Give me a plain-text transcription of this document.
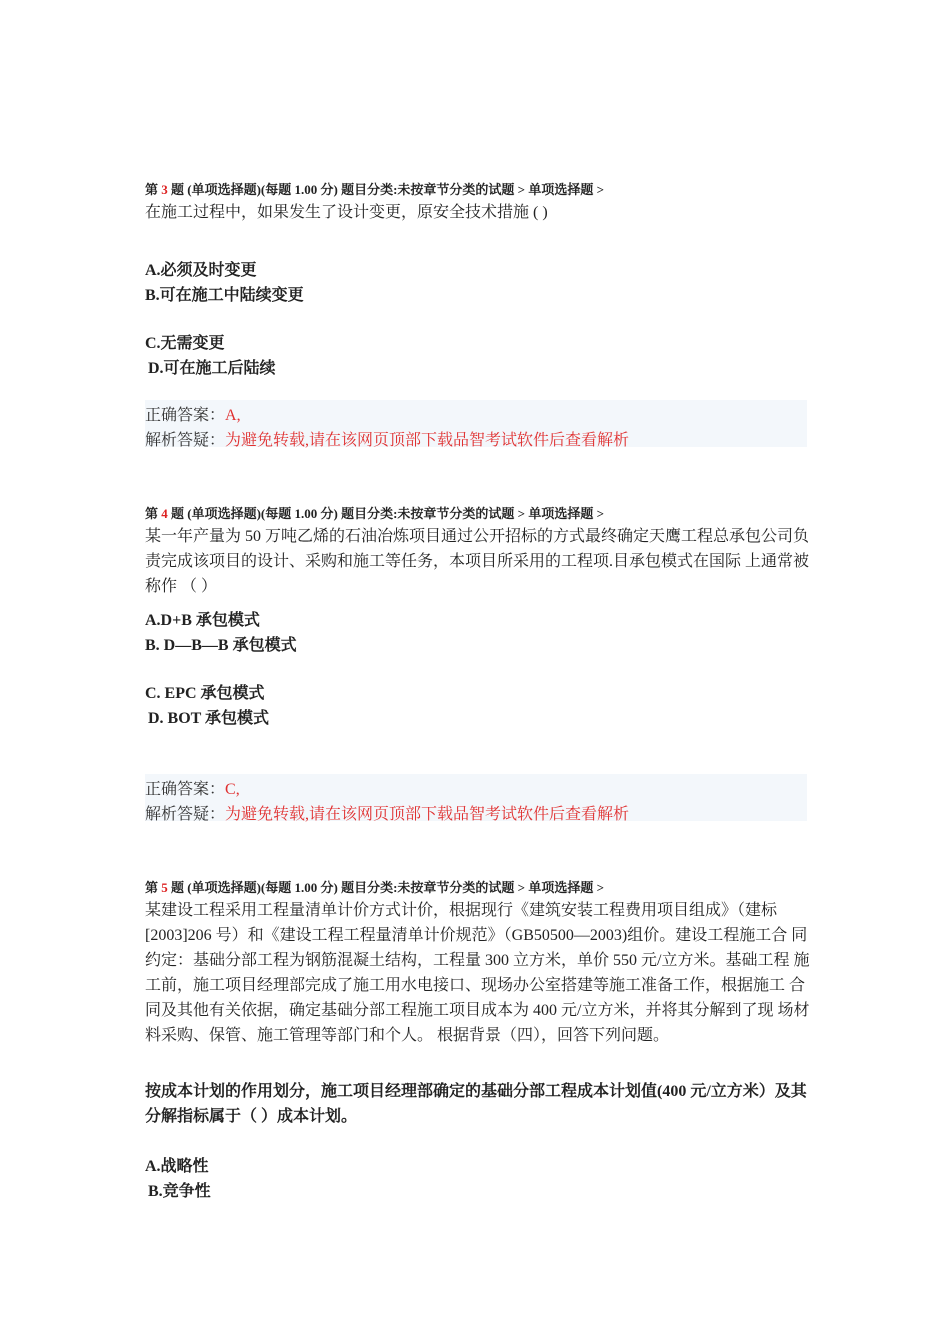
第 3 题 (单项选择题)(每题 1.00 分) 题目分类:未按章节分类的试题 > 单项选择题 >
在施工过程中，如果发生了设计变更，原安全技术措施 ( )
A.必须及时变更
B.可在施工中陆续变更
C.无需变更
D.可在施工后陆续
正确答案：A,
解析答疑：为避免转载,请在该网页顶部下载品智考试软件后查看解析
第 4 题 (单项选择题)(每题 1.00 分) 题目分类:未按章节分类的试题 > 单项选择题 >
某一年产量为 50 万吨乙烯的石油冶炼项目通过公开招标的方式最终确定天鹰工程总承包公司负责完成该项目的设计、采购和施工等任务，本项目所采用的工程项.目承包模式在国际 上通常被称作 （ ）
A.D+B 承包模式
B. D—B—B 承包模式
C. EPC 承包模式
D. BOT 承包模式
正确答案：C,
解析答疑：为避免转载,请在该网页顶部下载品智考试软件后查看解析
第 5 题 (单项选择题)(每题 1.00 分) 题目分类:未按章节分类的试题 > 单项选择题 >
某建设工程采用工程量清单计价方式计价，根据现行《建筑安装工程费用项目组成》（建标[2003]206 号）和《建设工程工程量清单计价规范》（GB50500—2003)组价。建设工程施工合 同约定：基础分部工程为钢筋混凝土结构，工程量 300 立方米，单价 550 元/立方米。基础工程 施工前，施工项目经理部完成了施工用水电接口、现场办公室搭建等施工准备工作，根据施工 合同及其他有关依据，确定基础分部工程施工项目成本为 400 元/立方米，并将其分解到了现 场材料采购、保管、施工管理等部门和个人。 根据背景（四），回答下列问题。
按成本计划的作用划分，施工项目经理部确定的基础分部工程成本计划值(400 元/立方米）及其分解指标属于（ ）成本计划。
A.战略性
B.竞争性
